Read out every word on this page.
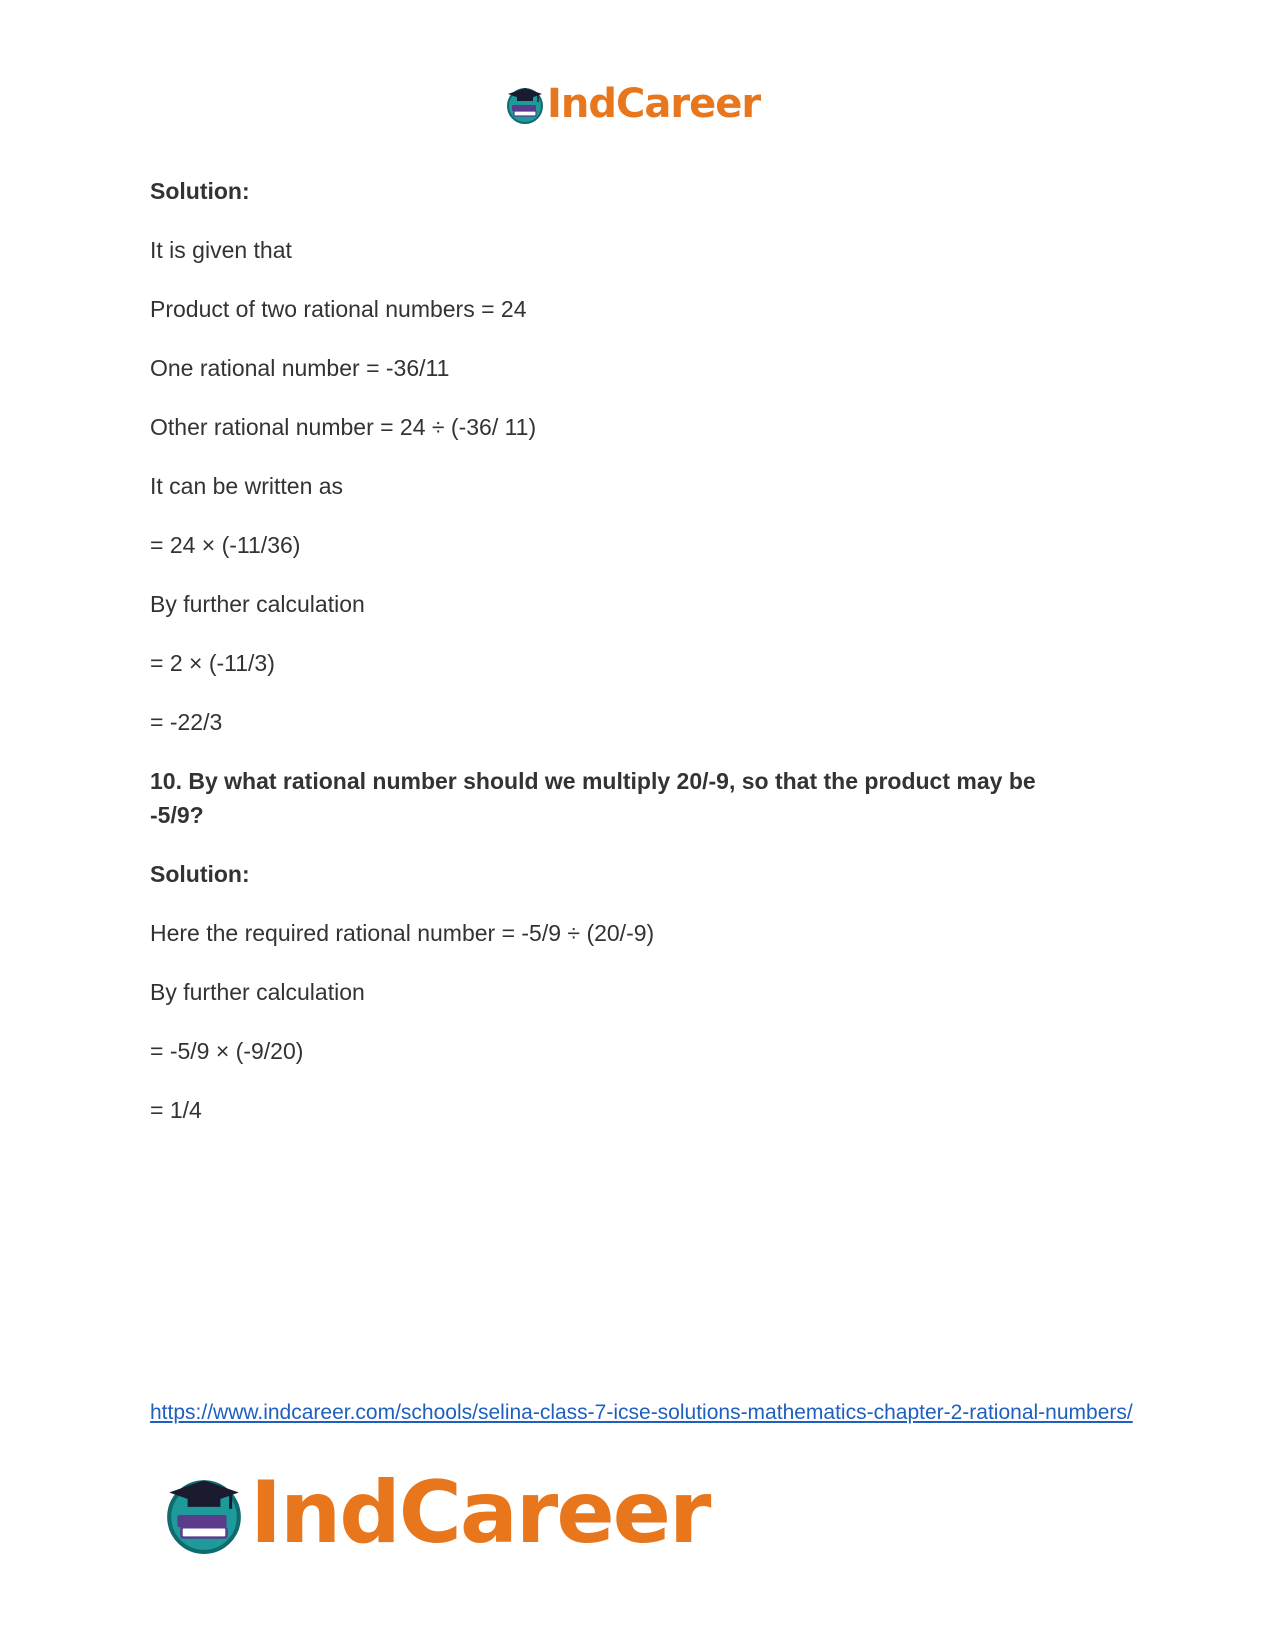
IndCareer

Solution:

It is given that

Product of two rational numbers = 24

One rational number = -36/11

Other rational number = 24 ÷ (-36/ 11)

It can be written as

= 24 × (-11/36)

By further calculation

= 2 × (-11/3)

= -22/3

10. By what rational number should we multiply 20/-9, so that the product may be -5/9?

Solution:

Here the required rational number = -5/9 ÷ (20/-9)

By further calculation

= -5/9 × (-9/20)

= 1/4

https://www.indcareer.com/schools/selina-class-7-icse-solutions-mathematics-chapter-2-rational-numbers/
IndCareer
